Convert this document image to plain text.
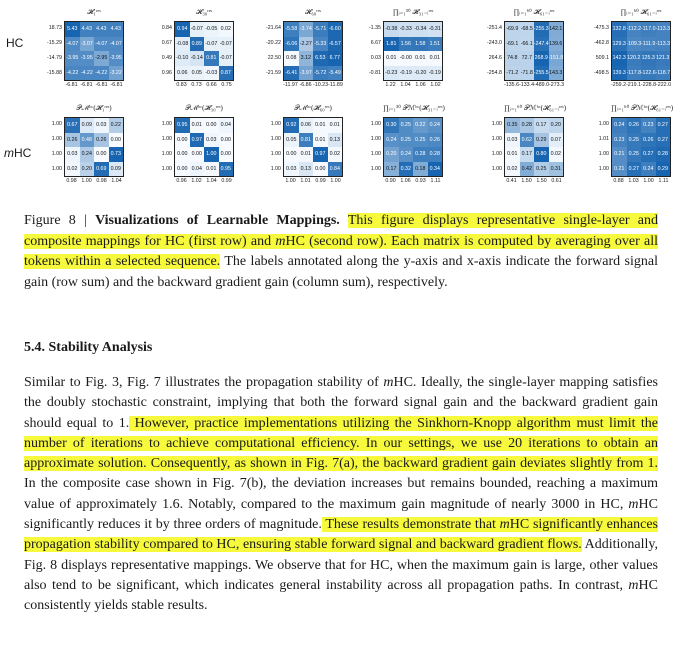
HC
mHC
𝓗₁ʳᵉˢ
5.43 4.43 4.43 4.43
-4.07 -3.07 -4.07 -4.07
-3.95 -3.95 -2.95 -3.95
-4.22 -4.22 -4.22 -3.22
18.73
-15.29
-14.79
-15.88
-6.81 -6.81 -6.81 -6.81
𝓗₃₀ʳᵉˢ
0.94 -0.07 -0.05 0.02
-0.08 0.89 -0.07 -0.07
-0.10 -0.14 0.81 -0.07
0.06 0.05 -0.03 0.87
0.84
0.67
0.49
0.96
0.83 0.73 0.66 0.75
𝓗₆₀ʳᵉˢ
-5.58 -3.74 -5.71 -6.60
-6.06 -2.27 -5.33 -6.57
0.08 3.12 6.53 6.77
-6.41 -3.97 -5.72 -5.49
-21.64
-20.22
22.50
-21.59
-11.97 -6.86 -10.23 -11.89
∏ᵢ₌₁³⁰ 𝓗₃₁₋ᵢʳᵉˢ
-0.38 -0.33 -0.34 -0.31
1.81 1.56 1.58 1.51
0.01 -0.00 0.01 0.01
-0.23 -0.19 -0.20 -0.19
-1.35
6.67
0.03
-0.81
1.22 1.04 1.06 1.02
∏ᵢ₌₁⁶⁰ 𝓗₆₁₋ᵢʳᵉˢ
-69.9 -68.5 -255.3 142.1
-69.1 -66.1 -247.4 139.6
74.8 72.7 268.9 -151.8
-71.2 -71.8 -255.5 143.3
-251.4
-243.0
264.6
-254.8
-135.6 -133.4 -489.0 -273.3
∏ᵢ₌₁⁶⁰ 𝓗₆₁₋ᵢʳᵉˢ
132.8 -112.2 -117.0 -113.3
129.3 -109.3 -111.9 -113.3
142.3 120.2 125.3 121.3
139.3 -117.8 -122.6 -118.7
-475.3
-462.8
509.1
-498.5
-259.2 -219.1 -228.8 -222.0
𝒫ℳʰᶜ(𝓗₁ʳᵉˢ)
0.67 0.09 0.03 0.22
0.26 0.48 0.26 0.00
0.03 0.24 0.00 0.73
0.02 0.20 0.69 0.09
1.00
1.00
1.00
1.00
0.98 1.00 0.98 1.04
𝒫ℳʰᶜ(𝓗₃₀ʳᵉˢ)
0.95 0.01 0.00 0.04
0.00 0.97 0.03 0.00
0.00 0.00 1.00 0.00
0.00 0.04 0.01 0.95
1.00
1.00
1.00
1.00
0.96 1.02 1.04 0.99
𝒫ℳʰᶜ(𝓗₆₀ʳᵉˢ)
0.92 0.06 0.01 0.01
0.05 0.81 0.01 0.13
0.00 0.01 0.97 0.02
0.03 0.13 0.00 0.84
1.00
1.00
1.00
1.00
1.00 1.01 0.99 1.00
∏ᵢ₌₁³⁰ 𝒫ℳʰᶜ(𝓗₃₁₋ᵢʳᵉˢ)
0.30 0.25 0.22 0.24
0.24 0.25 0.25 0.26
0.20 0.24 0.28 0.28
0.17 0.32 0.18 0.34
1.00
1.00
1.00
1.00
0.90 1.06 0.93 1.11
∏ᵢ₌₁⁶⁰ 𝒫ℳʰᶜ(𝓗₆₁₋ᵢʳᵉˢ)
0.35 0.28 0.17 0.20
0.03 0.62 0.29 0.07
0.01 0.17 0.80 0.02
0.02 0.42 0.25 0.31
1.00
1.00
1.00
1.00
0.41 1.50 1.50 0.61
∏ᵢ₌₁⁶⁰ 𝒫ℳʰᶜ(𝓗₆₁₋ᵢʳᵉˢ)
0.24 0.26 0.23 0.27
0.23 0.25 0.26 0.27
0.21 0.25 0.27 0.28
0.21 0.27 0.24 0.29
1.00
1.01
1.00
1.00
0.88 1.03 1.00 1.11
Figure 8 | Visualizations of Learnable Mappings. This figure displays representative single-layer and composite mappings for HC (first row) and mHC (second row). Each matrix is computed by averaging over all tokens within a selected sequence. The labels annotated along the y-axis and x-axis indicate the forward signal gain (row sum) and the backward gradient gain (column sum), respectively.
5.4. Stability Analysis
Similar to Fig. 3, Fig. 7 illustrates the propagation stability of mHC. Ideally, the single-layer mapping satisfies the doubly stochastic constraint, implying that both the forward signal gain and the backward gradient gain should equal to 1. However, practice implementations utilizing the Sinkhorn-Knopp algorithm must limit the number of iterations to achieve computational efficiency. In our settings, we use 20 iterations to obtain an approximate solution. Consequently, as shown in Fig. 7(a), the backward gradient gain deviates slightly from 1. In the composite case shown in Fig. 7(b), the deviation increases but remains bounded, reaching a maximum value of approximately 1.6. Notably, compared to the maximum gain magnitude of nearly 3000 in HC, mHC significantly reduces it by three orders of magnitude. These results demonstrate that mHC significantly enhances propagation stability compared to HC, ensuring stable forward signal and backward gradient flows. Additionally, Fig. 8 displays representative mappings. We observe that for HC, when the maximum gain is large, other values also tend to be significant, which indicates general instability across all propagation paths. In contrast, mHC consistently yields stable results.
